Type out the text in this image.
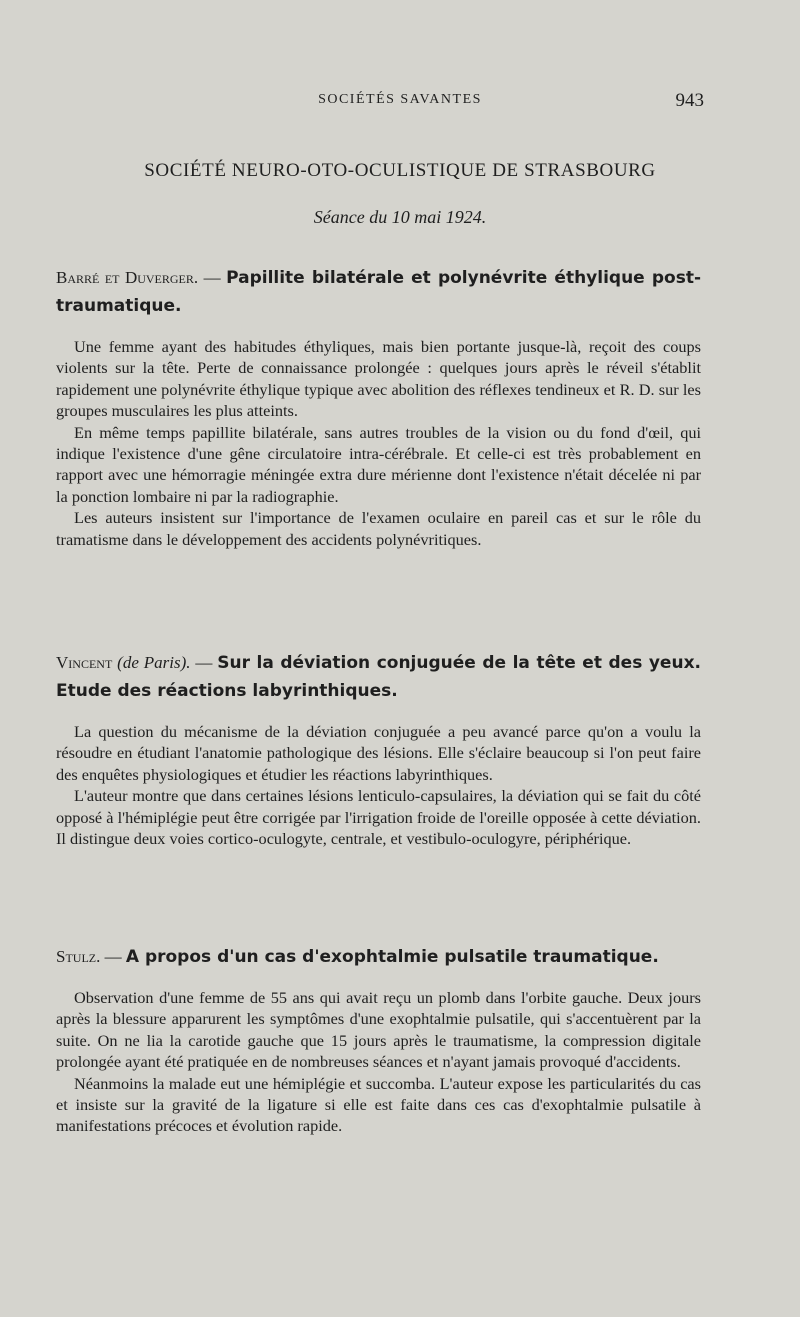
SOCIÉTÉS SAVANTES	943
SOCIÉTÉ NEURO-OTO-OCULISTIQUE DE STRASBOURG
Séance du 10 mai 1924.

Barré et Duverger. — Papillite bilatérale et polynévrite éthylique post-traumatique.

Une femme ayant des habitudes éthyliques, mais bien portante jusque-là, reçoit des coups violents sur la tête. Perte de connaissance prolongée : quelques jours après le réveil s'établit rapidement une polynévrite éthylique typique avec abolition des réflexes tendineux et R. D. sur les groupes musculaires les plus atteints.

En même temps papillite bilatérale, sans autres troubles de la vision ou du fond d'œil, qui indique l'existence d'une gêne circulatoire intra-cérébrale. Et celle-ci est très probablement en rapport avec une hémorragie méningée extra dure mérienne dont l'existence n'était décelée ni par la ponction lombaire ni par la radiographie.

Les auteurs insistent sur l'importance de l'examen oculaire en pareil cas et sur le rôle du tramatisme dans le développement des accidents polynévritiques.

Vincent (de Paris). — Sur la déviation conjuguée de la tête et des yeux. Etude des réactions labyrinthiques.

La question du mécanisme de la déviation conjuguée a peu avancé parce qu'on a voulu la résoudre en étudiant l'anatomie pathologique des lésions. Elle s'éclaire beaucoup si l'on peut faire des enquêtes physiologiques et étudier les réactions labyrinthiques.

L'auteur montre que dans certaines lésions lenticulo-capsulaires, la déviation qui se fait du côté opposé à l'hémiplégie peut être corrigée par l'irrigation froide de l'oreille opposée à cette déviation. Il distingue deux voies cortico-oculogyte, centrale, et vestibulo-oculogyre, périphérique.

Stulz. — A propos d'un cas d'exophtalmie pulsatile traumatique.

Observation d'une femme de 55 ans qui avait reçu un plomb dans l'orbite gauche. Deux jours après la blessure apparurent les symptômes d'une exophtalmie pulsatile, qui s'accentuèrent par la suite. On ne lia la carotide gauche que 15 jours après le traumatisme, la compression digitale prolongée ayant été pratiquée en de nombreuses séances et n'ayant jamais provoqué d'accidents.

Néanmoins la malade eut une hémiplégie et succomba. L'auteur expose les particularités du cas et insiste sur la gravité de la ligature si elle est faite dans ces cas d'exophtalmie pulsatile à manifestations précoces et évolution rapide.
